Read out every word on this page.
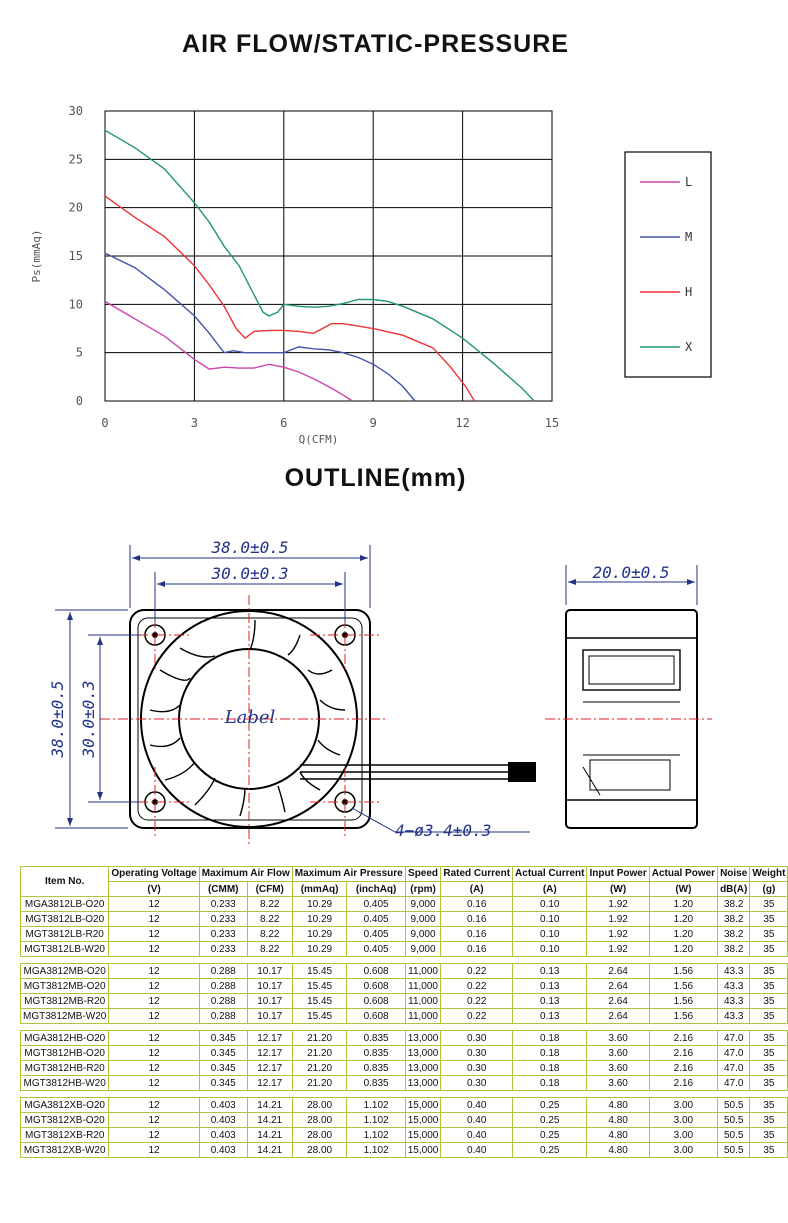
AIR FLOW/STATIC-PRESSURE
0	3	6	9	12	15
0
5
10
15
20
25
30
Q(CFM)
Ps(mmAq)
L
M
H
X
OUTLINE(mm)
Label
38.0±0.5
30.0±0.3
38.0±0.5 30.0±0.3
4−ø3.4±0.3
20.0±0.5
Item No.	Operating Voltage	Maximum Air Flow		Maximum Air Pressure		Speed	Rated Current	Actual Current	Input Power	Actual Power	Noise	Weight
	(V)	(CMM)	(CFM)	(mmAq)	(inchAq)	(rpm)	(A)	(A)	(W)	(W)	dB(A)	(g)
MGA3812LB-O20	12	0.233	8.22	10.29	0.405	9,000	0.16	0.10	1.92	1.20	38.2	35
MGT3812LB-O20	12	0.233	8.22	10.29	0.405	9,000	0.16	0.10	1.92	1.20	38.2	35
MGT3812LB-R20	12	0.233	8.22	10.29	0.405	9,000	0.16	0.10	1.92	1.20	38.2	35
MGT3812LB-W20	12	0.233	8.22	10.29	0.405	9,000	0.16	0.10	1.92	1.20	38.2	35

MGA3812MB-O20	12	0.288	10.17	15.45	0.608	11,000	0.22	0.13	2.64	1.56	43.3	35
MGT3812MB-O20	12	0.288	10.17	15.45	0.608	11,000	0.22	0.13	2.64	1.56	43.3	35
MGT3812MB-R20	12	0.288	10.17	15.45	0.608	11,000	0.22	0.13	2.64	1.56	43.3	35
MGT3812MB-W20	12	0.288	10.17	15.45	0.608	11,000	0.22	0.13	2.64	1.56	43.3	35

MGA3812HB-O20	12	0.345	12.17	21.20	0.835	13,000	0.30	0.18	3.60	2.16	47.0	35
MGT3812HB-O20	12	0.345	12.17	21.20	0.835	13,000	0.30	0.18	3.60	2.16	47.0	35
MGT3812HB-R20	12	0.345	12.17	21.20	0.835	13,000	0.30	0.18	3.60	2.16	47.0	35
MGT3812HB-W20	12	0.345	12.17	21.20	0.835	13,000	0.30	0.18	3.60	2.16	47.0	35

MGA3812XB-O20	12	0.403	14.21	28.00	1.102	15,000	0.40	0.25	4.80	3.00	50.5	35
MGT3812XB-O20	12	0.403	14.21	28.00	1.102	15,000	0.40	0.25	4.80	3.00	50.5	35
MGT3812XB-R20	12	0.403	14.21	28.00	1.102	15,000	0.40	0.25	4.80	3.00	50.5	35
MGT3812XB-W20	12	0.403	14.21	28.00	1.102	15,000	0.40	0.25	4.80	3.00	50.5	35
